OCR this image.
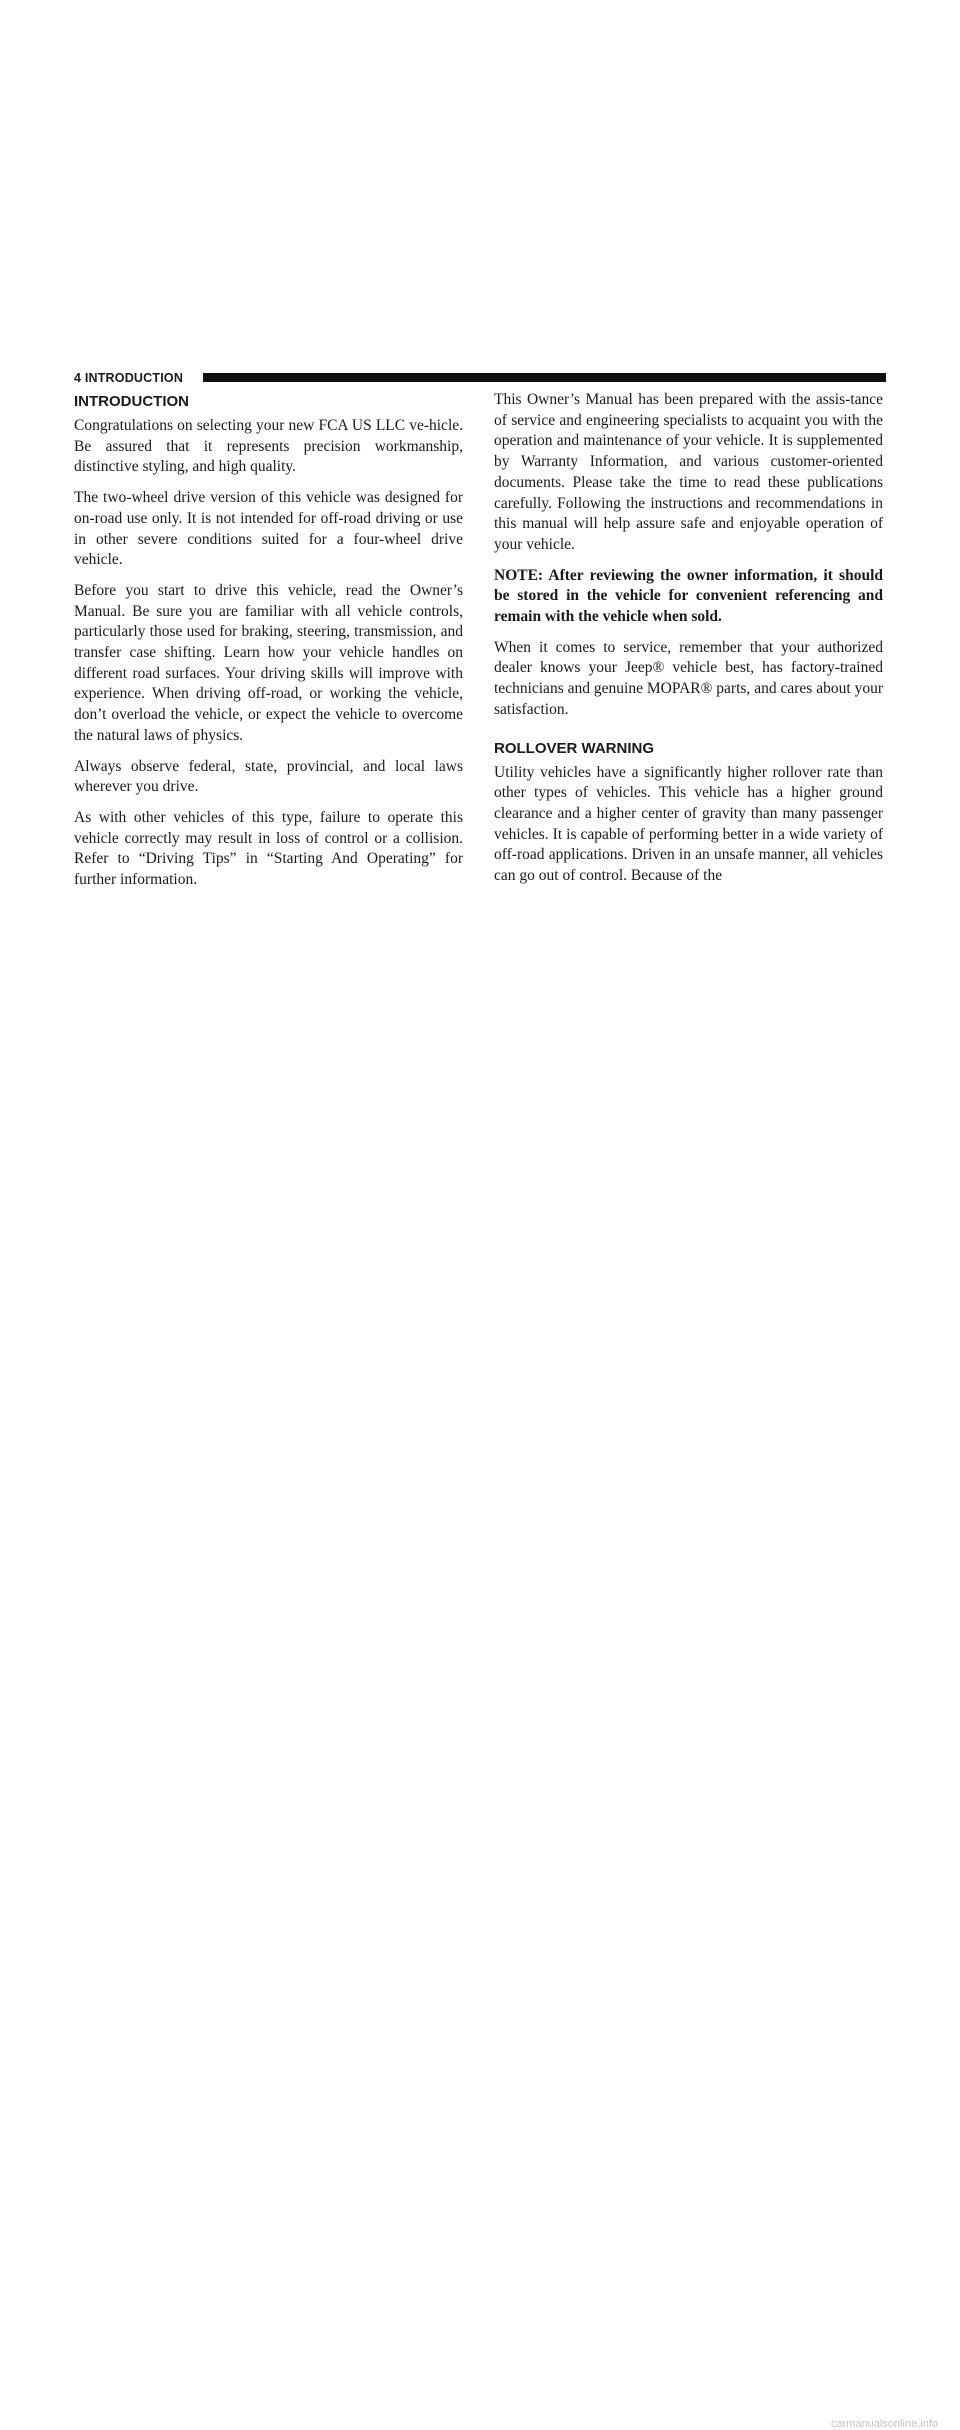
4 INTRODUCTION
INTRODUCTION

Congratulations on selecting your new FCA US LLC ve-hicle. Be assured that it represents precision workmanship, distinctive styling, and high quality.

The two-wheel drive version of this vehicle was designed for on-road use only. It is not intended for off-road driving or use in other severe conditions suited for a four-wheel drive vehicle.

Before you start to drive this vehicle, read the Owner’s Manual. Be sure you are familiar with all vehicle controls, particularly those used for braking, steering, transmission, and transfer case shifting. Learn how your vehicle handles on different road surfaces. Your driving skills will improve with experience. When driving off-road, or working the vehicle, don’t overload the vehicle, or expect the vehicle to overcome the natural laws of physics.

Always observe federal, state, provincial, and local laws wherever you drive.

As with other vehicles of this type, failure to operate this vehicle correctly may result in loss of control or a collision. Refer to “Driving Tips” in “Starting And Operating” for further information.

This Owner’s Manual has been prepared with the assis-tance of service and engineering specialists to acquaint you with the operation and maintenance of your vehicle. It is supplemented by Warranty Information, and various customer-oriented documents. Please take the time to read these publications carefully. Following the instructions and recommendations in this manual will help assure safe and enjoyable operation of your vehicle.

NOTE: After reviewing the owner information, it should be stored in the vehicle for convenient referencing and remain with the vehicle when sold.

When it comes to service, remember that your authorized dealer knows your Jeep® vehicle best, has factory-trained technicians and genuine MOPAR® parts, and cares about your satisfaction.

ROLLOVER WARNING

Utility vehicles have a significantly higher rollover rate than other types of vehicles. This vehicle has a higher ground clearance and a higher center of gravity than many passenger vehicles. It is capable of performing better in a wide variety of off-road applications. Driven in an unsafe manner, all vehicles can go out of control. Because of the

carmanualsonline.info
